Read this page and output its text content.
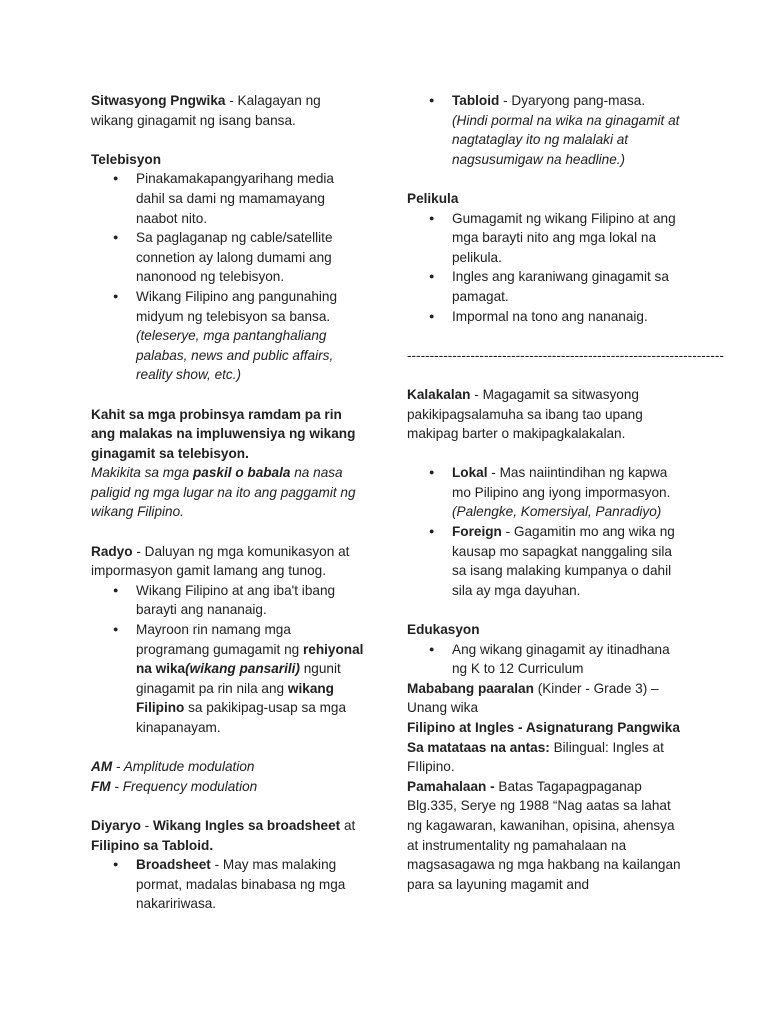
Sitwasyong Pngwika - Kalagayan ng wikang ginagamit ng isang bansa.

Telebisyon

● Pinakamakapangyarihang media dahil sa dami ng mamamayang naabot nito.
● Sa paglaganap ng cable/satellite connetion ay lalong dumami ang nanonood ng telebisyon.
● Wikang Filipino ang pangunahing midyum ng telebisyon sa bansa.
(teleserye, mga pantanghaliang palabas, news and public affairs, reality show, etc.)

Kahit sa mga probinsya ramdam pa rin ang malakas na impluwensiya ng wikang ginagamit sa telebisyon.

Makikita sa mga paskil o babala na nasa paligid ng mga lugar na ito ang paggamit ng wikang Filipino.

Radyo - Daluyan ng mga komunikasyon at impormasyon gamit lamang ang tunog.

● Wikang Filipino at ang iba't ibang barayti ang nananaig.
● Mayroon rin namang mga programang gumagamit ng rehiyonal na wika(wikang pansarili) ngunit ginagamit pa rin nila ang wikang Filipino sa pakikipag-usap sa mga kinapanayam.

AM - Amplitude modulation

FM - Frequency modulation

Diyaryo - Wikang Ingles sa broadsheet at Filipino sa Tabloid.

● Broadsheet - May mas malaking pormat, madalas binabasa ng mga nakaririwasa.
● Tabloid - Dyaryong pang-masa.
(Hindi pormal na wika na ginagamit at nagtataglay ito ng malalaki at nagsusumigaw na headline.)

Pelikula

● Gumagamit ng wikang Filipino at ang mga barayti nito ang mga lokal na pelikula.
● Ingles ang karaniwang ginagamit sa pamagat.
● Impormal na tono ang nananaig.

----------------------------------------------------------------------

Kalakalan - Magagamit sa sitwasyong pakikipagsalamuha sa ibang tao upang makipag barter o makipagkalakalan.

● Lokal - Mas naiintindihan ng kapwa mo Pilipino ang iyong impormasyon.
(Palengke, Komersiyal, Panradiyo)
● Foreign - Gagamitin mo ang wika ng kausap mo sapagkat nanggaling sila sa isang malaking kumpanya o dahil sila ay mga dayuhan.

Edukasyon

● Ang wikang ginagamit ay itinadhana ng K to 12 Curriculum

Mababang paaralan (Kinder - Grade 3) – Unang wika

Filipino at Ingles - Asignaturang Pangwika

Sa matataas na antas: Bilingual: Ingles at FIlipino.

Pamahalaan - Batas Tagapagpaganap Blg.335, Serye ng 1988 “Nag aatas sa lahat ng kagawaran, kawanihan, opisina, ahensya at instrumentality ng pamahalaan na magsasagawa ng mga hakbang na kailangan para sa layuning magamit and
